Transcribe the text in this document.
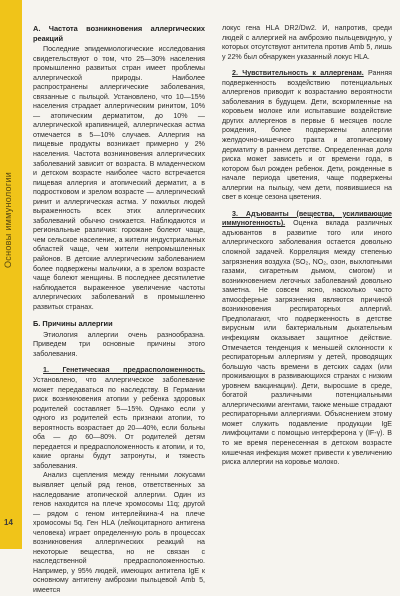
Основы иммунологии
14
А. Частота возникновения аллергических реакций

Последние эпидемиологические исследования свидетельствуют о том, что 25—30% населения промышленно развитых стран имеет проблемы аллергической природы. Наиболее распространены аллергические заболевания, связанные с пыльцой. Установлено, что 10—15% населения страдает аллергическим ринитом, 10% — атопическим дерматитом, до 10% — аллергической крапивницей, аллергическая астма отмечается в 5—10% случаев. Аллергия на пищевые продукты возникает примерно у 2% населения. Частота возникновения аллергических заболеваний зависит от возраста. В младенческом и детском возрасте наиболее часто встречается пищевая аллергия и атопический дерматит, а в подростковом и зрелом возрасте — аллергический ринит и аллергическая астма. У пожилых людей выраженность всех этих аллергических заболеваний обычно снижается. Наблюдаются и региональные различия: горожане болеют чаще, чем сельское население, а жители индустриальных областей чаще, чем жители непромышленных районов. В детские аллергическим заболеванием более подвержены мальчики, а в зрелом возрасте чаще болеют женщины. В последнее десятилетие наблюдается выраженное увеличение частоты аллергических заболеваний в промышленно развитых странах.

Б. Причины аллергии

Этиология аллергии очень разнообразна. Приведем три основные причины этого заболевания.

1. Генетическая предрасположенность. Установлено, что аллергическое заболевание может передаваться по наследству. В Германии риск возникновения атопии у ребенка здоровых родителей составляет 5—15%. Однако если у одного из родителей есть признаки атопии, то вероятность возрастает до 20—40%, если больны оба — до 60—80%. От родителей детям передается и предрасположенность к атопии, и то, какие органы будут затронуты, и тяжесть заболевания.

Анализ сцепления между генными локусами выявляет целый ряд генов, ответственных за наследование атопической аллергии. Один из генов находится на плече хромосомы 11q; другой — рядом с геном интерлейкина-4 на плече хромосомы 5q. Ген HLA (лейкоцитарного антигена человека) играет определенную роль в процессах возникновения аллергических реакций на некоторые вещества, но не связан с наследственной предрасположенностью. Например, у 95% людей, имеющих антитела IgE к основному антигену амброзии пыльцевой Amb 5, имеется

локус гена HLA DR2/Dw2. И, напротив, среди людей с аллергией на амброзию пыльцевидную, у которых отсутствуют антитела против Amb 5, лишь у 22% был обнаружен указанный локус HLA.

2. Чувствительность к аллергенам. Ранняя подверженность воздействию потенциальных аллергенов приводит к возрастанию вероятности заболевания в будущем. Дети, вскормленные на коровьем молоке или испытавшие воздействие других аллергенов в первые 6 месяцев после рождения, более подвержены аллергии желудочно-кишечного тракта и атопическому дерматиту в раннем детстве. Определенная доля риска может зависеть и от времени года, в котором был рожден ребенок. Дети, рожденные в начале периода цветения, чаще подвержены аллергии на пыльцу, чем дети, появившиеся на свет в конце сезона цветения.

3. Адъюванты (вещества, усиливающие иммуногенность). Оценка вклада различных адъювантов в развитие того или иного аллергического заболевания остается довольно сложной задачей. Корреляция между степенью загрязнения воздуха (SO₂, NO₂, озон, выхлопными газами, сигаретным дымом, смогом) и возникновением легочных заболеваний довольно заметна. Не совсем ясно, насколько часто атмосферные загрязнения являются причиной возникновения респираторных аллергий. Предполагают, что подверженность в детстве вирусным или бактериальным дыхательным инфекциям оказывает защитное действие. Отмечается тенденция к меньшей склонности к респираторным аллергиям у детей, проводящих большую часть времени в детских садах (или проживающих в развивающихся странах с низким уровнем вакцинации). Дети, выросшие в среде, богатой различными потенциальными аллергическими агентами, также меньше страдают респираторными аллергиями. Объяснением этому может служить подавление продукции IgE лимфоцитами с помощью интерферона γ (IF-γ). В то же время перенесенная в детском возрасте кишечная инфекция может привести к увеличению риска аллергии на коровье молоко.
